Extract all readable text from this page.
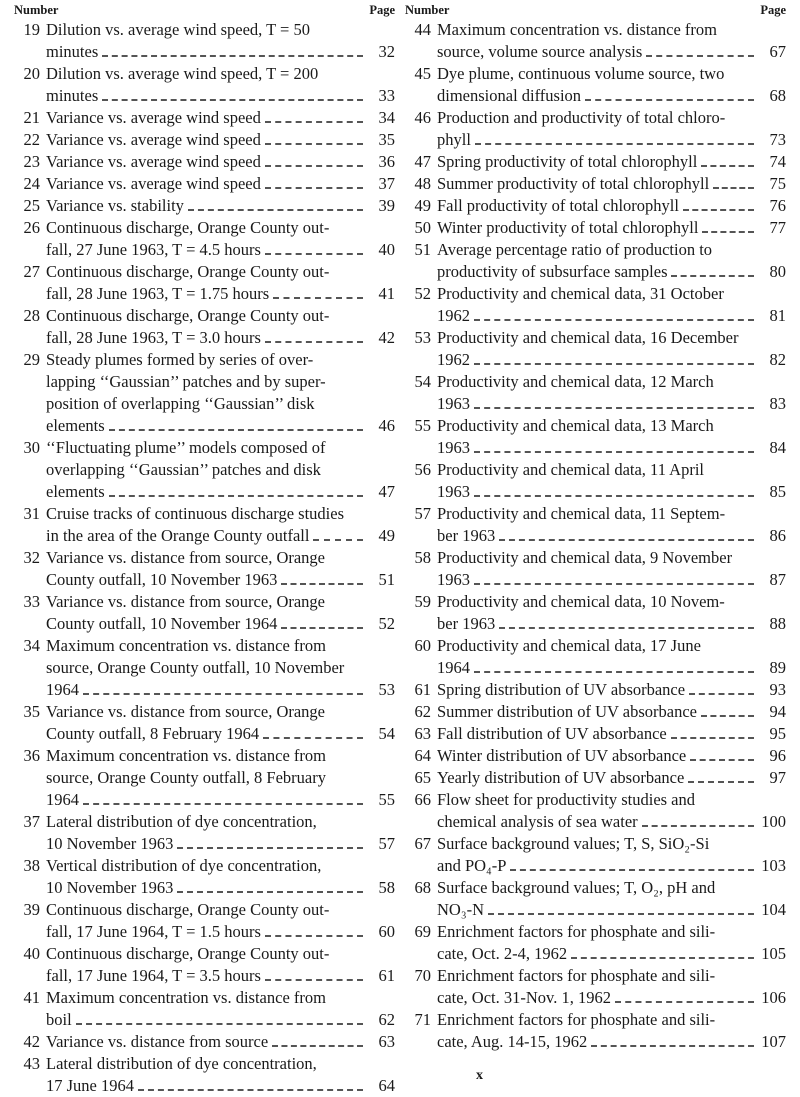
Number	Page
19 Dilution vs. average wind speed, T = 50
minutes	32
20 Dilution vs. average wind speed, T = 200
minutes	33
21 Variance vs. average wind speed	34
22 Variance vs. average wind speed	35
23 Variance vs. average wind speed	36
24 Variance vs. average wind speed	37
25 Variance vs. stability	39
26 Continuous discharge, Orange County out-
fall, 27 June 1963, T = 4.5 hours	40
27 Continuous discharge, Orange County out-
fall, 28 June 1963, T = 1.75 hours	41
28 Continuous discharge, Orange County out-
fall, 28 June 1963, T = 3.0 hours	42
29 Steady plumes formed by series of over-
lapping ‘‘Gaussian’’ patches and by super-
position of overlapping ‘‘Gaussian’’ disk
elements	46
30 ‘‘Fluctuating plume’’ models composed of
overlapping ‘‘Gaussian’’ patches and disk
elements	47
31 Cruise tracks of continuous discharge studies
in the area of the Orange County outfall	49
32 Variance vs. distance from source, Orange
County outfall, 10 November 1963	51
33 Variance vs. distance from source, Orange
County outfall, 10 November 1964	52
34 Maximum concentration vs. distance from
source, Orange County outfall, 10 November
1964	53
35 Variance vs. distance from source, Orange
County outfall, 8 February 1964	54
36 Maximum concentration vs. distance from
source, Orange County outfall, 8 February
1964	55
37 Lateral distribution of dye concentration,
10 November 1963	57
38 Vertical distribution of dye concentration,
10 November 1963	58
39 Continuous discharge, Orange County out-
fall, 17 June 1964, T = 1.5 hours	60
40 Continuous discharge, Orange County out-
fall, 17 June 1964, T = 3.5 hours	61
41 Maximum concentration vs. distance from
boil	62
42 Variance vs. distance from source	63
43 Lateral distribution of dye concentration,
17 June 1964	64
Number	Page
44 Maximum concentration vs. distance from
source, volume source analysis	67
45 Dye plume, continuous volume source, two
dimensional diffusion	68
46 Production and productivity of total chloro-
phyll	73
47 Spring productivity of total chlorophyll	74
48 Summer productivity of total chlorophyll	75
49 Fall productivity of total chlorophyll	76
50 Winter productivity of total chlorophyll	77
51 Average percentage ratio of production to
productivity of subsurface samples	80
52 Productivity and chemical data, 31 October
1962	81
53 Productivity and chemical data, 16 December
1962	82
54 Productivity and chemical data, 12 March
1963	83
55 Productivity and chemical data, 13 March
1963	84
56 Productivity and chemical data, 11 April
1963	85
57 Productivity and chemical data, 11 Septem-
ber 1963	86
58 Productivity and chemical data, 9 November
1963	87
59 Productivity and chemical data, 10 Novem-
ber 1963	88
60 Productivity and chemical data, 17 June
1964	89
61 Spring distribution of UV absorbance	93
62 Summer distribution of UV absorbance	94
63 Fall distribution of UV absorbance	95
64 Winter distribution of UV absorbance	96
65 Yearly distribution of UV absorbance	97
66 Flow sheet for productivity studies and
chemical analysis of sea water	100
67 Surface background values; T, S, SiO₂-Si
and PO₄-P	103
68 Surface background values; T, O₂, pH and
NO₃-N	104
69 Enrichment factors for phosphate and sili-
cate, Oct. 2-4, 1962	105
70 Enrichment factors for phosphate and sili-
cate, Oct. 31-Nov. 1, 1962	106
71 Enrichment factors for phosphate and sili-
cate, Aug. 14-15, 1962	107
x
